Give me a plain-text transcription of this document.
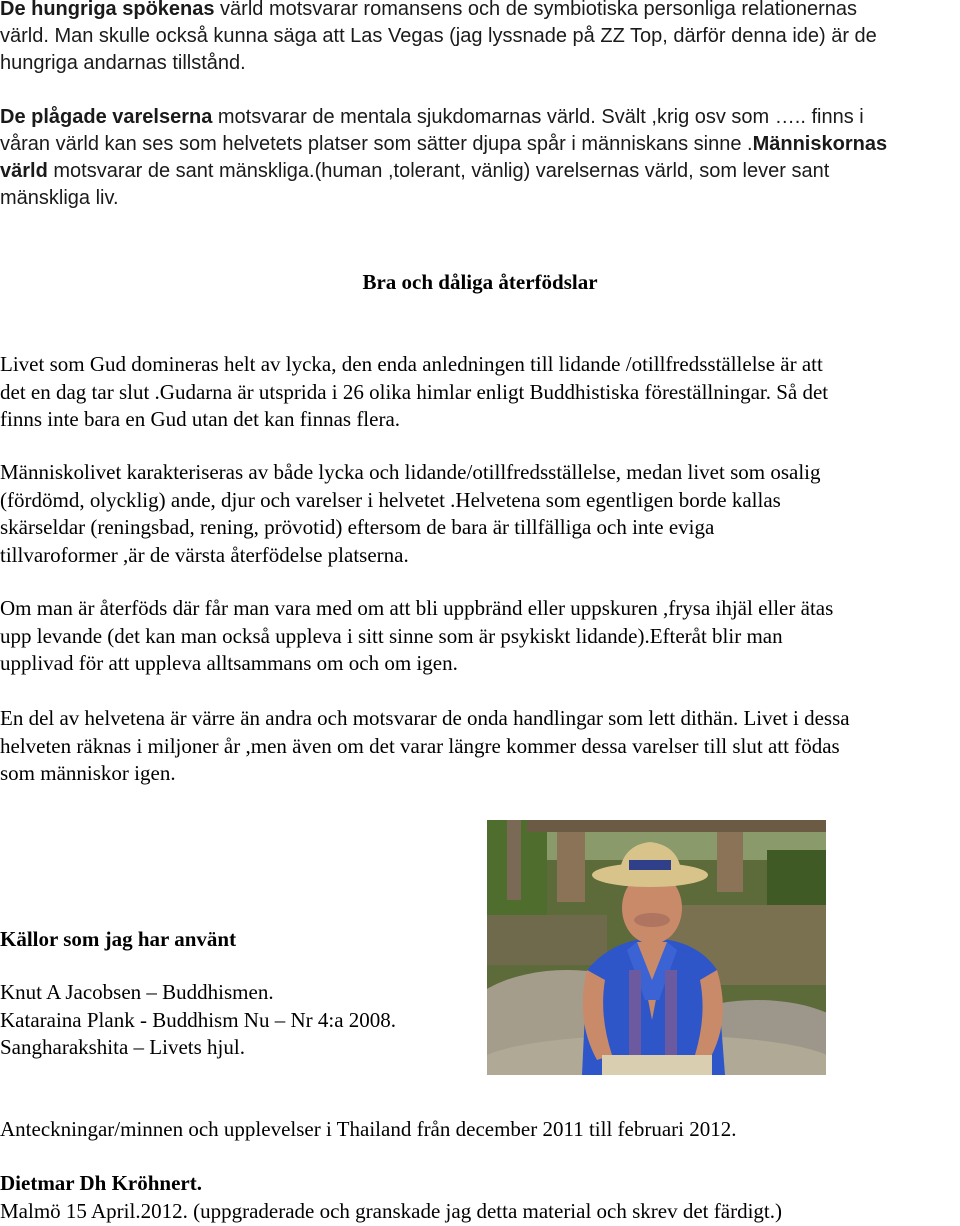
De hungriga spökenas värld motsvarar romansens och de symbiotiska personliga relationernas
värld. Man skulle också kunna säga att Las Vegas (jag lyssnade på ZZ Top, därför denna ide) är de
hungriga andarnas tillstånd.

De plågade varelserna motsvarar de mentala sjukdomarnas värld. Svält ,krig osv som ….. finns i
våran värld kan ses som helvetets platser som sätter djupa spår i människans sinne .Människornas
värld motsvarar de sant mänskliga.(human ,tolerant, vänlig) varelsernas värld, som lever sant
mänskliga liv.

Bra och dåliga återfödslar

Livet som Gud domineras helt av lycka, den enda anledningen till lidande /otillfredsställelse är att
det en dag tar slut .Gudarna är utsprida i 26 olika himlar enligt Buddhistiska föreställningar. Så det
finns inte bara en Gud utan det kan finnas flera.

Människolivet karakteriseras av både lycka och lidande/otillfredsställelse, medan livet som osalig
(fördömd, olycklig) ande, djur och varelser i helvetet .Helvetena som egentligen borde kallas
skärseldar (reningsbad, rening, prövotid) eftersom de bara är tillfälliga och inte eviga
tillvaroformer ,är de värsta återfödelse platserna.

Om man är återföds där får man vara med om att bli uppbränd eller uppskuren ,frysa ihjäl eller ätas
upp levande (det kan man också uppleva i sitt sinne som är psykiskt lidande).Efteråt blir man
upplivad för att uppleva alltsammans om och om igen.

En del av helvetena är värre än andra och motsvarar de onda handlingar som lett dithän. Livet i dessa
helveten räknas i miljoner år ,men även om det varar längre kommer dessa varelser till slut att födas
som människor igen.

Källor som jag har använt
Knut A Jacobsen – Buddhismen.
Kataraina Plank - Buddhism Nu – Nr 4:a 2008.
Sangharakshita – Livets hjul.

Anteckningar/minnen och upplevelser i Thailand från december 2011 till februari 2012.

Dietmar Dh Kröhnert.
Malmö 15 April.2012. (uppgraderade och granskade jag detta material och skrev det färdigt.)
